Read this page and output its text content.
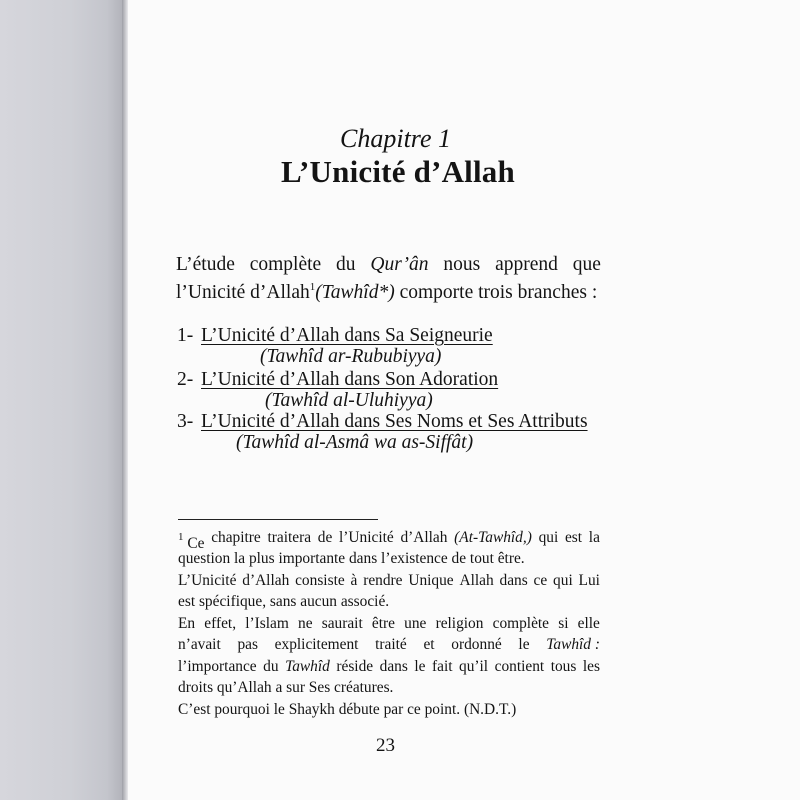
Chapitre 1
L’Unicité d’Allah
L’étude complète du Qur’ân nous apprend que
l’Unicité d’Allah$^1$(Tawhîd*) comporte trois branches :
1- L’Unicité d’Allah dans Sa Seigneurie
(Tawhîd ar-Rububiyya)
2- L’Unicité d’Allah dans Son Adoration
(Tawhîd al-Uluhiyya)
3- L’Unicité d’Allah dans Ses Noms et Ses Attributs
(Tawhîd al-Asmâ wa as-Siffât)
$^1$ Ce chapitre traitera de l’Unicité d’Allah (At-Tawhîd,) qui est la
question la plus importante dans l’existence de tout être.
L’Unicité d’Allah consiste à rendre Unique Allah dans ce qui Lui
est spécifique, sans aucun associé.
En effet, l’Islam ne saurait être une religion complète si elle
n’avait pas explicitement traité et ordonné le Tawhîd :
l’importance du Tawhîd réside dans le fait qu’il contient tous les
droits qu’Allah a sur Ses créatures.
C’est pourquoi le Shaykh débute par ce point. (N.D.T.)
23
